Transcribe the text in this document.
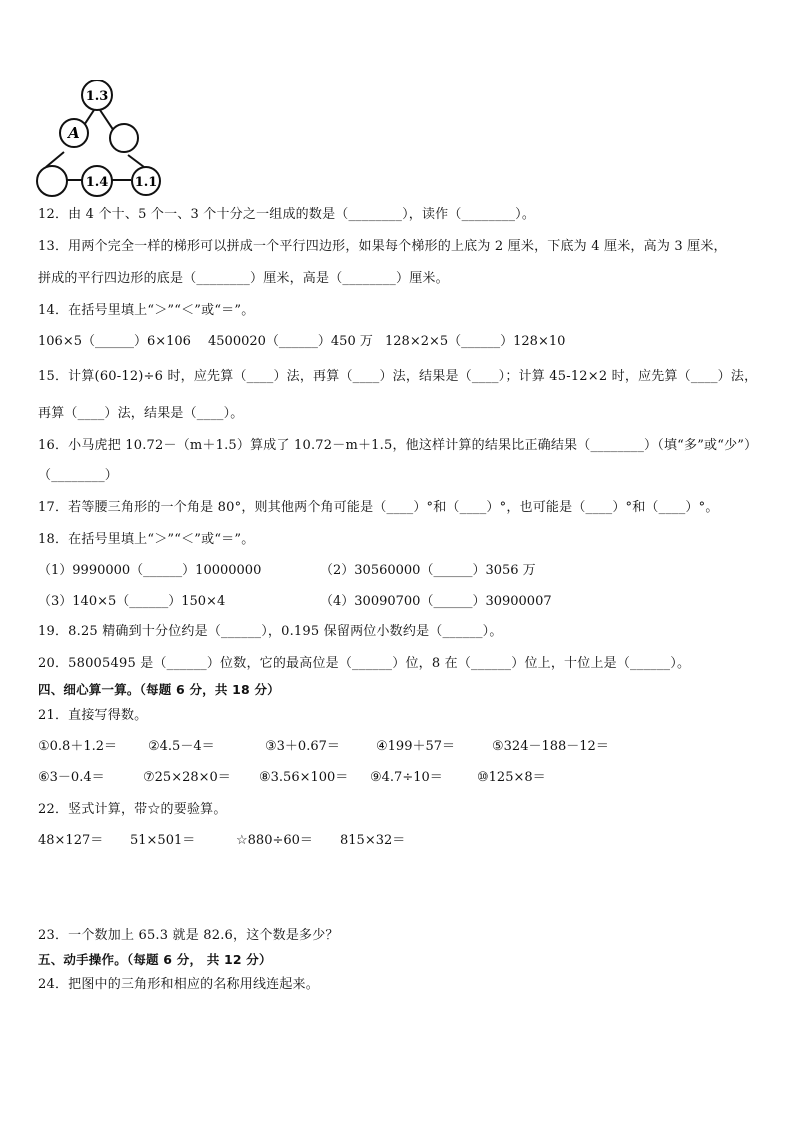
1.3
A
1.4 1.1
12．由 4 个十、5 个一、3 个十分之一组成的数是（________），读作（________）。
13．用两个完全一样的梯形可以拼成一个平行四边形，如果每个梯形的上底为 2 厘米，下底为 4 厘米，高为 3 厘米，
拼成的平行四边形的底是（________）厘米，高是（________）厘米。
14．在括号里填上“＞”“＜”或“＝”。
106×5（______）6×106 4500020（______）450 万 128×2×5（______）128×10
15．计算(60-12)÷6 时，应先算（____）法，再算（____）法，结果是（____）；计算 45-12×2 时，应先算（____）法，
再算（____）法，结果是（____）。
16．小马虎把 10.72－（m＋1.5）算成了 10.72－m＋1.5，他这样计算的结果比正确结果（________）（填“多”或“少”）
（________）
17．若等腰三角形的一个角是 80°，则其他两个角可能是（____）°和（____）°，也可能是（____）°和（____）°。
18．在括号里填上“＞”“＜”或“＝”。
（1）9990000（______）10000000	（2）30560000（______）3056 万
（3）140×5（______）150×4	（4）30090700（______）30900007
19．8.25 精确到十分位约是（______），0.195 保留两位小数约是（______）。
20．58005495 是（______）位数，它的最高位是（______）位，8 在（______）位上，十位上是（______）。
四、细心算一算。（每题 6 分，共 18 分）
21．直接写得数。
①0.8＋1.2＝ ②4.5－4＝	③3＋0.67＝	④199＋57＝	⑤324－188－12＝
⑥3－0.4＝	⑦25×28×0＝ ⑧3.56×100＝ ⑨4.7÷10＝	⑩125×8＝
22．竖式计算，带☆的要验算。
48×127＝ 51×501＝	☆880÷60＝ 815×32＝
23．一个数加上 65.3 就是 82.6，这个数是多少？
五、动手操作。（每题 6 分， 共 12 分）
24．把图中的三角形和相应的名称用线连起来。
